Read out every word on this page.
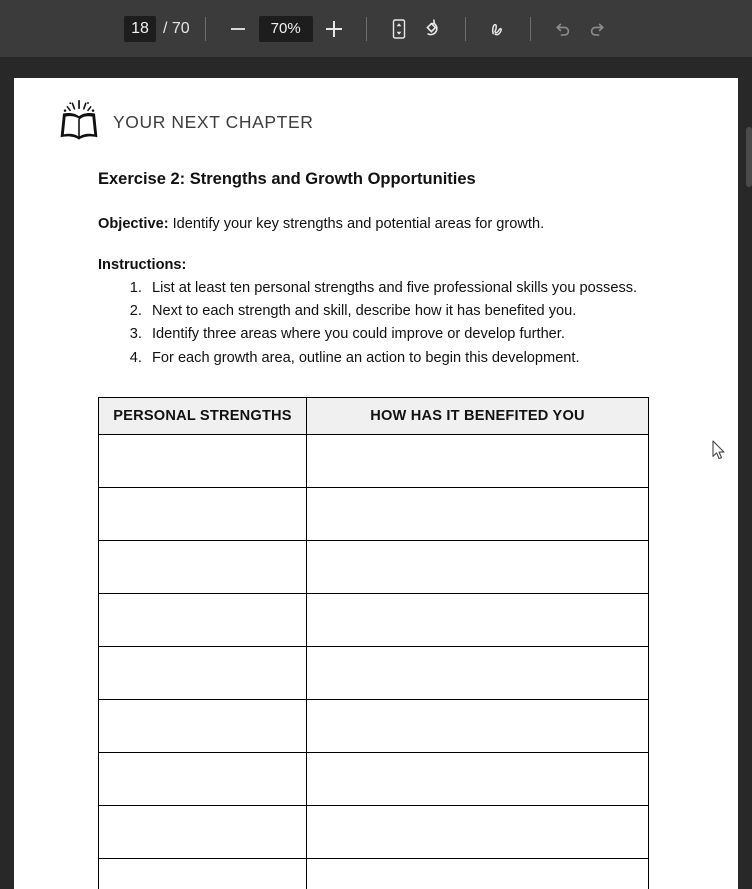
18 / 70	70%
YOUR NEXT CHAPTER
Exercise 2: Strengths and Growth Opportunities
Objective: Identify your key strengths and potential areas for growth.
Instructions:
1. List at least ten personal strengths and five professional skills you possess.
2. Next to each strength and skill, describe how it has benefited you.
3. Identify three areas where you could improve or develop further.
4. For each growth area, outline an action to begin this development.
PERSONAL STRENGTHS	HOW HAS IT BENEFITED YOU
